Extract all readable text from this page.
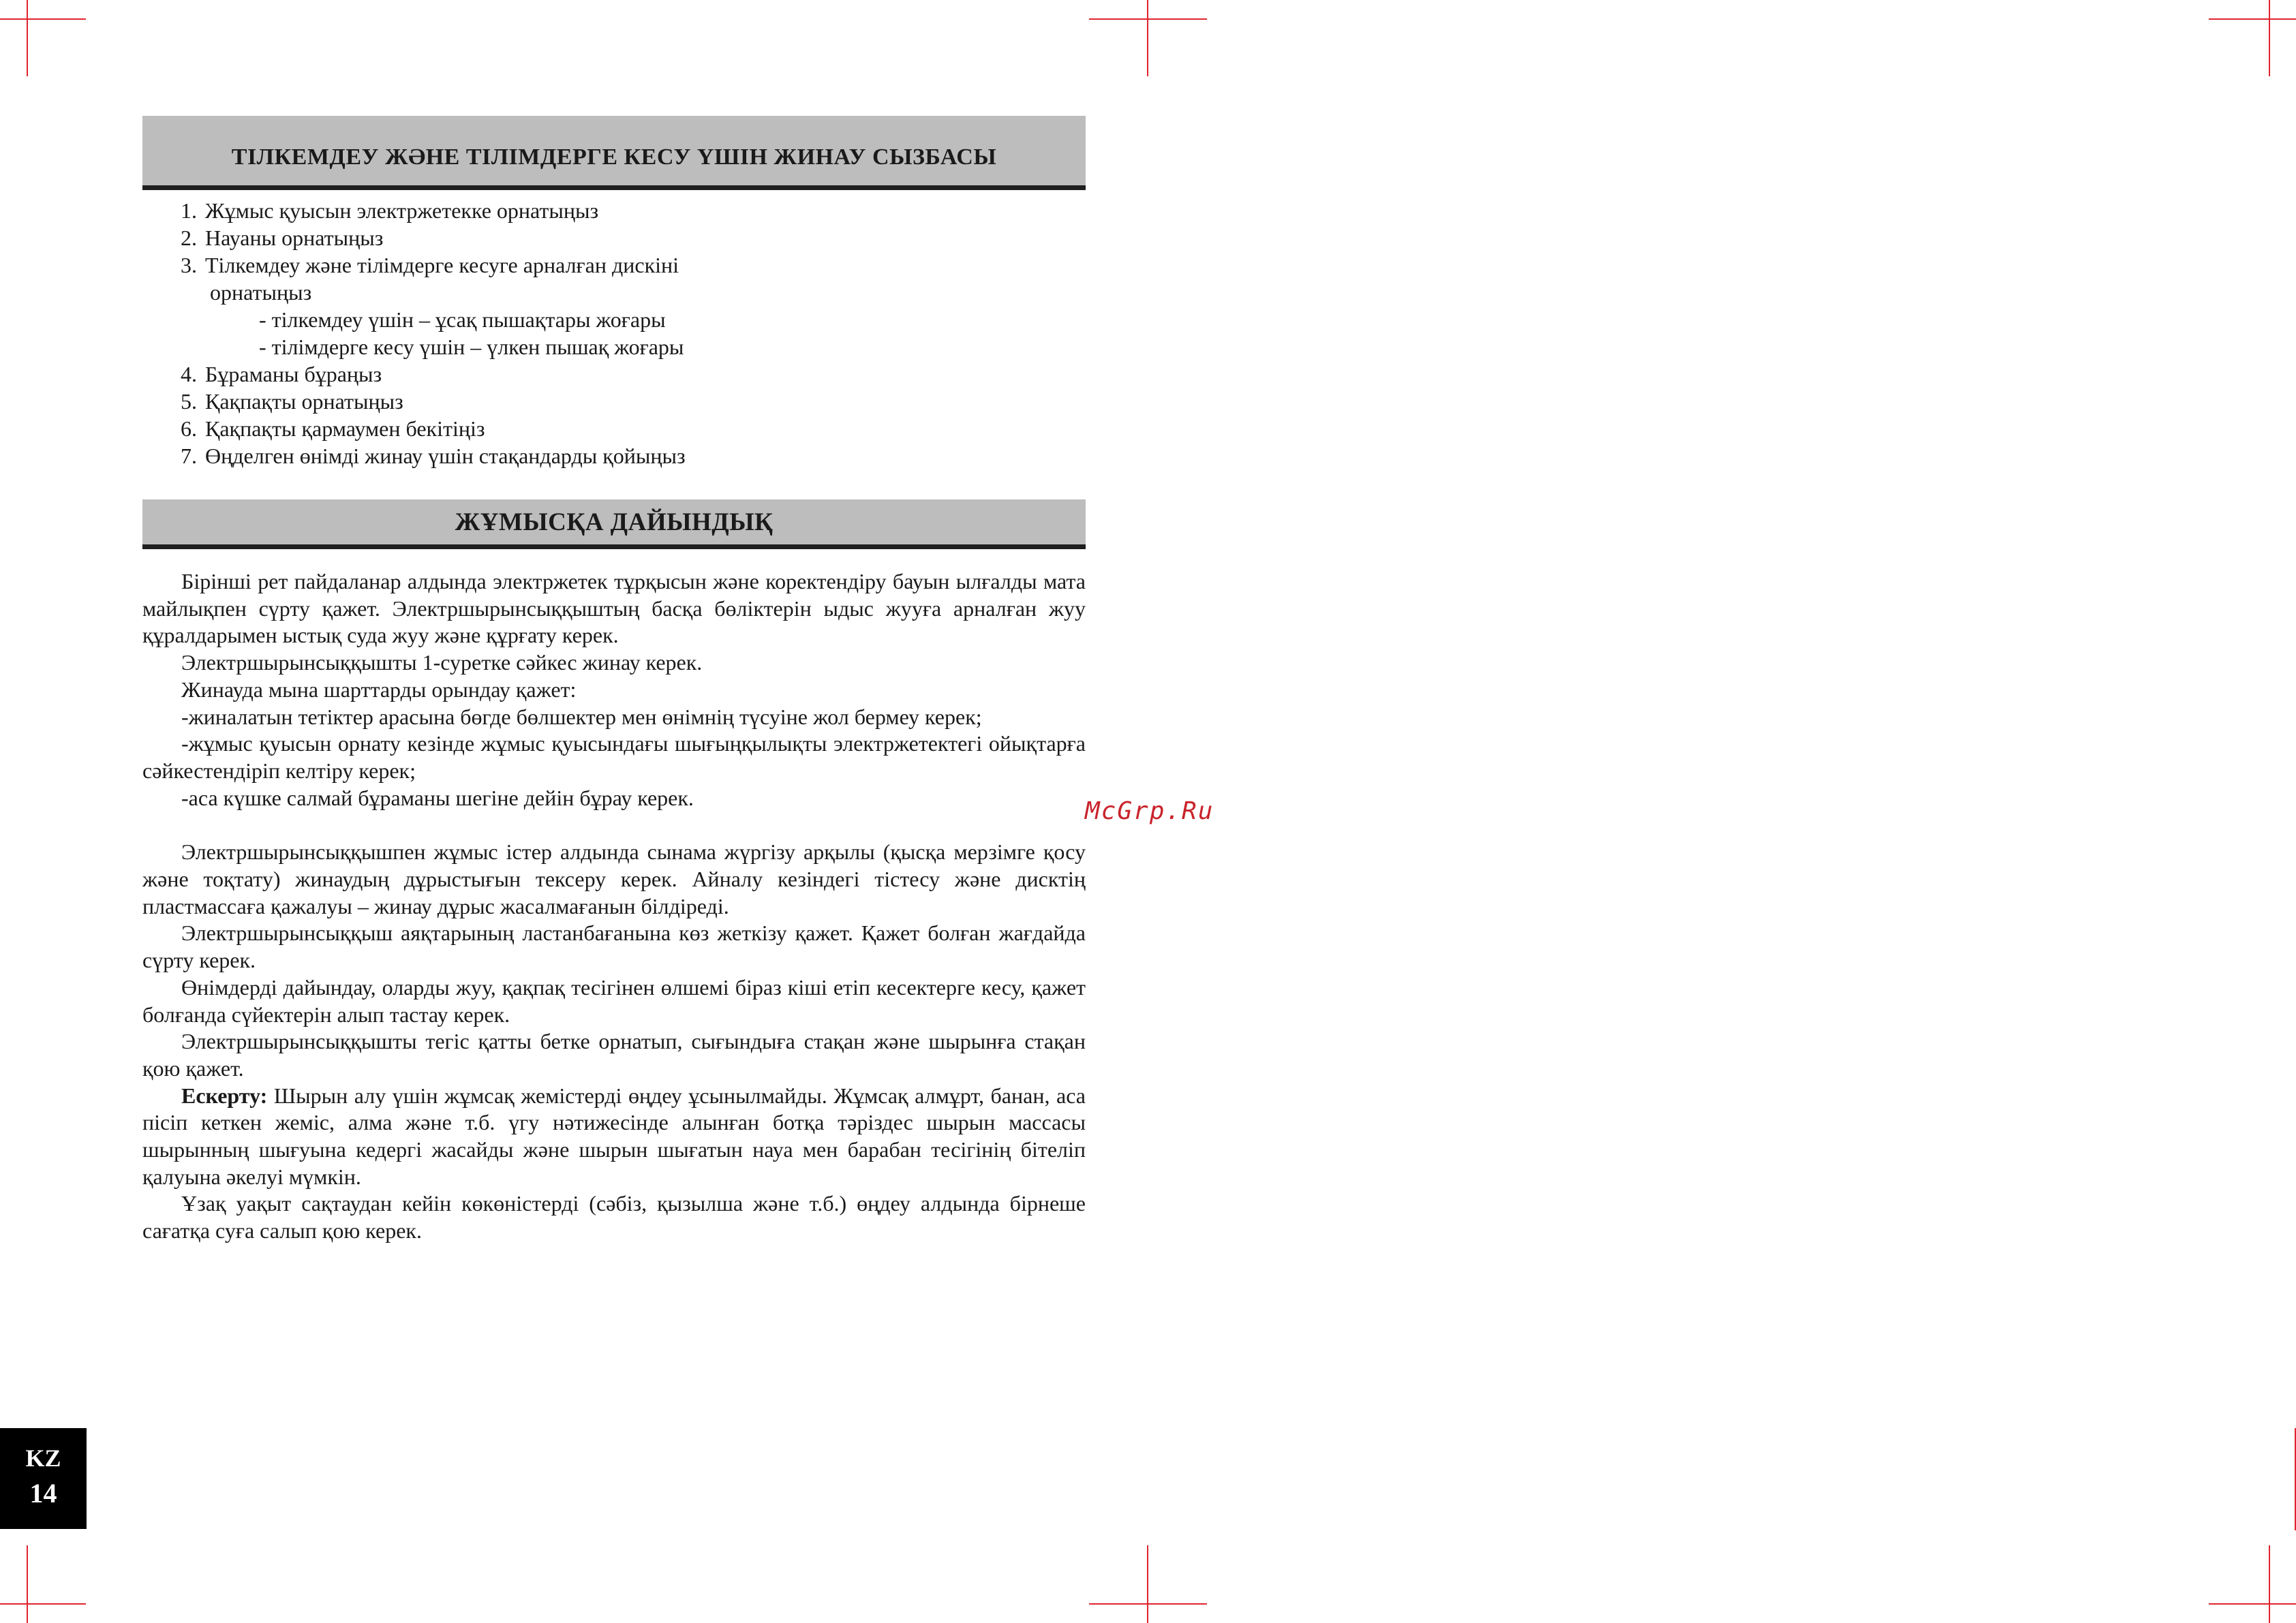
ТІЛКЕМДЕУ ЖӘНЕ ТІЛІМДЕРГЕ КЕСУ ҮШІН ЖИНАУ СЫЗБАСЫ
1. Жұмыс қуысын электржетекке орнатыңыз
2. Науаны орнатыңыз
3. Тілкемдеу және тілімдерге кесуге арналған дискіні
орнатыңыз
- тілкемдеу үшін – ұсақ пышақтары жоғары
- тілімдерге кесу үшін – үлкен пышақ жоғары
4. Бұраманы бұраңыз
5. Қақпақты орнатыңыз
6. Қақпақты қармаумен бекітіңіз
7. Өңделген өнімді жинау үшін стақандарды қойыңыз
ЖҰМЫСҚА ДАЙЫНДЫҚ

Бірінші рет пайдаланар алдында электржетек тұрқысын және коректендіру бауын ылғалды мата майлықпен сүрту қажет. Электршырынсыққыштың басқа бөліктерін ыдыс жууға арналған жуу құралдарымен ыстық суда жуу және құрғату керек.

Электршырынсыққышты 1-суретке сәйкес жинау керек.

Жинауда мына шарттарды орындау қажет:

-жиналатын тетіктер арасына бөгде бөлшектер мен өнімнің түсуіне жол бермеу керек;

-жұмыс қуысын орнату кезінде жұмыс қуысындағы шығыңқылықты электржетектегі ойықтарға сәйкестендіріп келтіру керек;

-аса күшке салмай бұраманы шегіне дейін бұрау керек.

Электршырынсыққышпен жұмыс істер алдында сынама жүргізу арқылы (қысқа мерзімге қосу және тоқтату) жинаудың дұрыстығын тексеру керек. Айналу кезіндегі тістесу және дисктің пластмассаға қажалуы – жинау дұрыс жасалмағанын білдіреді.

Электршырынсыққыш аяқтарының ластанбағанына көз жеткізу қажет. Қажет болған жағдайда сүрту керек.

Өнімдерді дайындау, оларды жуу, қақпақ тесігінен өлшемі біраз кіші етіп кесектерге кесу, қажет болғанда сүйектерін алып тастау керек.

Электршырынсыққышты тегіс қатты бетке орнатып, сығындыға стақан және шырынға стақан қою қажет.

Ескерту: Шырын алу үшін жұмсақ жемістерді өңдеу ұсынылмайды. Жұмсақ алмұрт, банан, аса пісіп кеткен жеміс, алма және т.б. үгу нәтижесінде алынған ботқа тәріздес шырын массасы шырынның шығуына кедергі жасайды және шырын шығатын науа мен барабан тесігінің бітеліп қалуына әкелуі мүмкін.

Ұзақ уақыт сақтаудан кейін көкөністерді (сәбіз, қызылша және т.б.) өңдеу алдында бірнеше сағатқа суға салып қою керек.

McGrp.Ru
KZ
14
